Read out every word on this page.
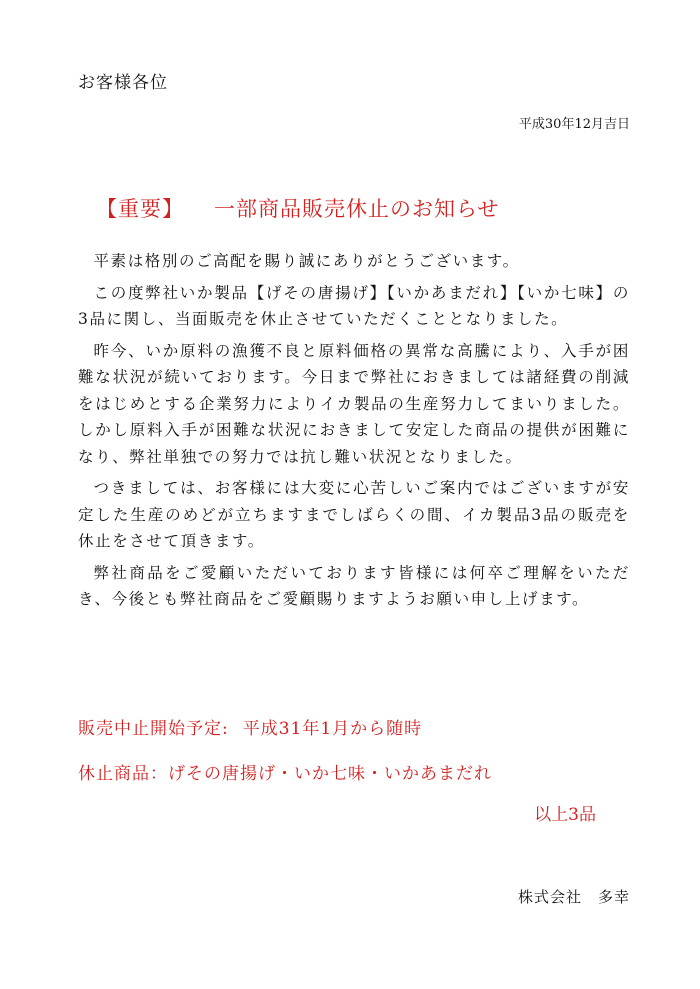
お客様各位

平成30年12月吉日

【重要】 一部商品販売休止のお知らせ

平素は格別のご高配を賜り誠にありがとうございます。

この度弊社いか製品【げその唐揚げ】【いかあまだれ】【いか七味】の3品に関し、当面販売を休止させていただくこととなりました。

昨今、いか原料の漁獲不良と原料価格の異常な高騰により、入手が困難な状況が続いております。今日まで弊社におきましては諸経費の削減をはじめとする企業努力によりイカ製品の生産努力してまいりました。しかし原料入手が困難な状況におきまして安定した商品の提供が困難になり、弊社単独での努力では抗し難い状況となりました。

つきましては、お客様には大変に心苦しいご案内ではございますが安定した生産のめどが立ちますまでしばらくの間、イカ製品3品の販売を休止をさせて頂きます。

弊社商品をご愛顧いただいております皆様には何卒ご理解をいただき、今後とも弊社商品をご愛顧賜りますようお願い申し上げます。

販売中止開始予定: 平成31年1月から随時

休止商品：げその唐揚げ・いか七味・いかあまだれ

以上3品

株式会社　多幸
